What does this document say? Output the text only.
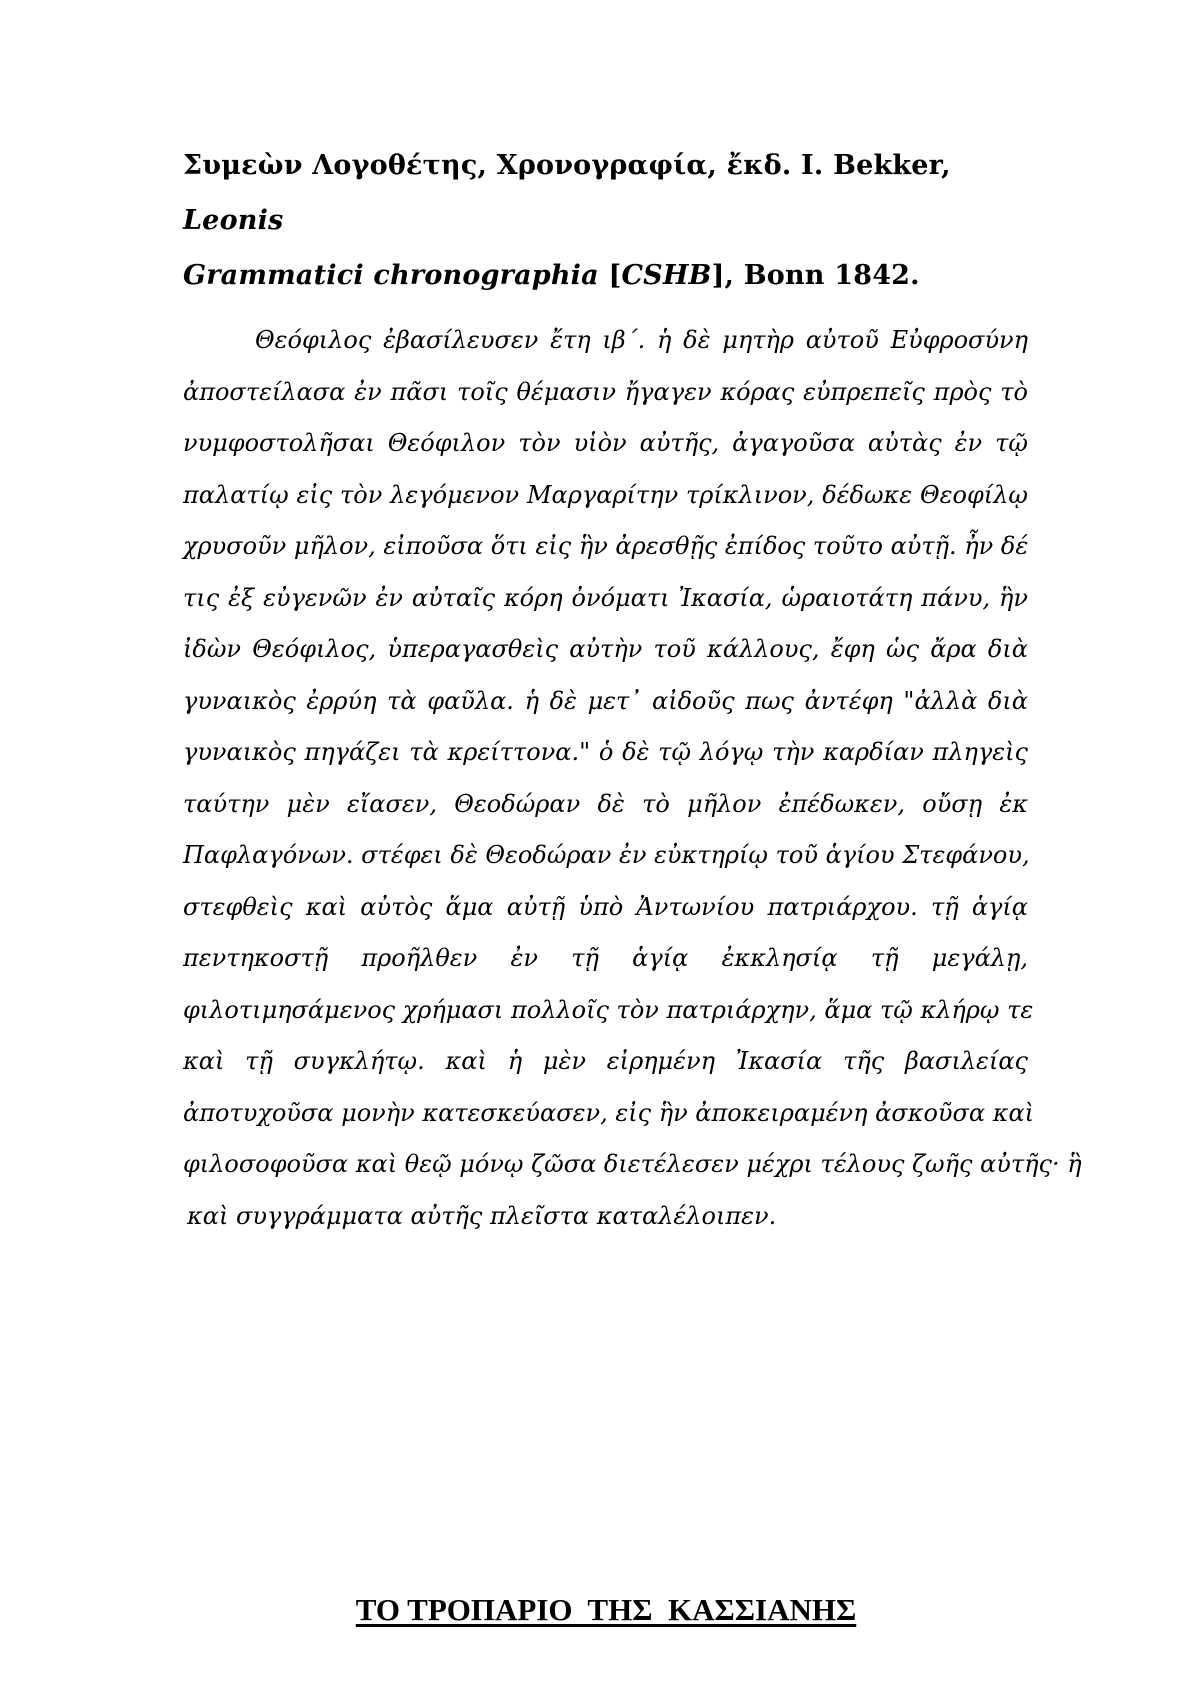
Συμεὼν Λογοθέτης, Χρονογραφία, ἔκδ. I. Bekker, Leonis
Grammatici chronographia [CSHB], Bonn 1842.
Θεόφιλος ἐβασίλευσεν ἔτη ιβ΄. ἡ δὲ μητὴρ αὐτοῦ Εὐφροσύνη
ἀποστείλασα ἐν πᾶσι τοῖς θέμασιν ἤγαγεν κόρας εὐπρεπεῖς πρὸς τὸ
νυμφοστολῆσαι Θεόφιλον τὸν υἱὸν αὐτῆς, ἀγαγοῦσα αὐτὰς ἐν τῷ
παλατίῳ εἰς τὸν λεγόμενον Μαργαρίτην τρίκλινον, δέδωκε Θεοφίλῳ
χρυσοῦν μῆλον, εἰποῦσα ὅτι εἰς ἣν ἀρεσθῇς ἐπίδος τοῦτο αὐτῇ. ἦν δέ
τις ἐξ εὐγενῶν ἐν αὐταῖς κόρη ὀνόματι Ἰκασία, ὡραιοτάτη πάνυ, ἣν
ἰδὼν Θεόφιλος, ὑπεραγασθεὶς αὐτὴν τοῦ κάλλους, ἔφη ὡς ἄρα διὰ
γυναικὸς ἐρρύη τὰ φαῦλα. ἡ δὲ μετ᾽ αἰδοῦς πως ἀντέφη "ἀλλὰ διὰ
γυναικὸς πηγάζει τὰ κρείττονα." ὁ δὲ τῷ λόγῳ τὴν καρδίαν πληγεὶς
ταύτην μὲν εἴασεν, Θεοδώραν δὲ τὸ μῆλον ἐπέδωκεν, οὔσῃ ἐκ
Παφλαγόνων. στέφει δὲ Θεοδώραν ἐν εὐκτηρίῳ τοῦ ἁγίου Στεφάνου,
στεφθεὶς καὶ αὐτὸς ἅμα αὐτῇ ὑπὸ Ἀντωνίου πατριάρχου. τῇ ἁγίᾳ
πεντηκοστῇ προῆλθεν ἐν τῇ ἁγίᾳ ἐκκλησίᾳ τῇ μεγάλῃ,
φιλοτιμησάμενος χρήμασι πολλοῖς τὸν πατριάρχην, ἅμα τῷ κλήρῳ τε
καὶ τῇ συγκλήτῳ. καὶ ἡ μὲν εἰρημένη Ἰκασία τῆς βασιλείας
ἀποτυχοῦσα μονὴν κατεσκεύασεν, εἰς ἣν ἀποκειραμένη ἀσκοῦσα καὶ
φιλοσοφοῦσα καὶ θεῷ μόνῳ ζῶσα διετέλεσεν μέχρι τέλους ζωῆς αὐτῆς· ἣ
καὶ συγγράμματα αὐτῆς πλεῖστα καταλέλοιπεν.
ΤΟ ΤΡΟΠΑΡΙΟ  ΤΗΣ  ΚΑΣΣΙΑΝΗΣ
